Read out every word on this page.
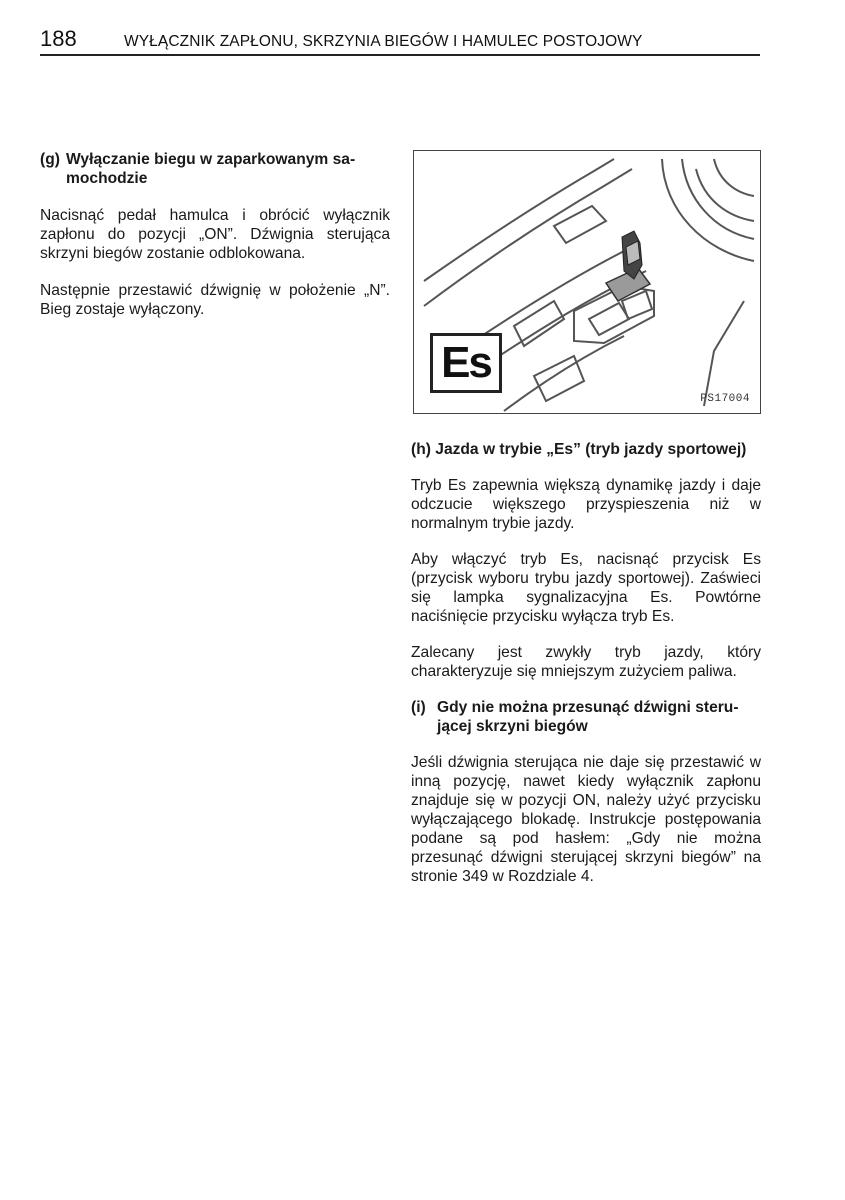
188	WYŁĄCZNIK ZAPŁONU, SKRZYNIA BIEGÓW I HAMULEC POSTOJOWY
(g) Wyłączanie biegu w zaparkowanym sa-
mochodzie

Nacisnąć pedał hamulca i obrócić wyłącznik zapłonu do pozycji „ON”. Dźwignia sterująca skrzyni biegów zostanie odblokowana.

Następnie przestawić dźwignię w położenie „N”. Bieg zostaje wyłączony.

Es
PS17004
(h) Jazda w trybie „Es” (tryb jazdy sportowej)

Tryb Es zapewnia większą dynamikę jazdy i daje odczucie większego przyspieszenia niż w normalnym trybie jazdy.

Aby włączyć tryb Es, nacisnąć przycisk Es (przycisk wyboru trybu jazdy sportowej). Zaświeci się lampka sygnalizacyjna Es. Powtórne naciśnięcie przycisku wyłącza tryb Es.

Zalecany jest zwykły tryb jazdy, który charakteryzuje się mniejszym zużyciem paliwa.

(i) Gdy nie można przesunąć dźwigni steru-
jącej skrzyni biegów

Jeśli dźwignia sterująca nie daje się przestawić w inną pozycję, nawet kiedy wyłącznik zapłonu znajduje się w pozycji ON, należy użyć przycisku wyłączającego blokadę. Instrukcje postępowania podane są pod hasłem: „Gdy nie można przesunąć dźwigni sterującej skrzyni biegów” na stronie 349 w Rozdziale 4.
